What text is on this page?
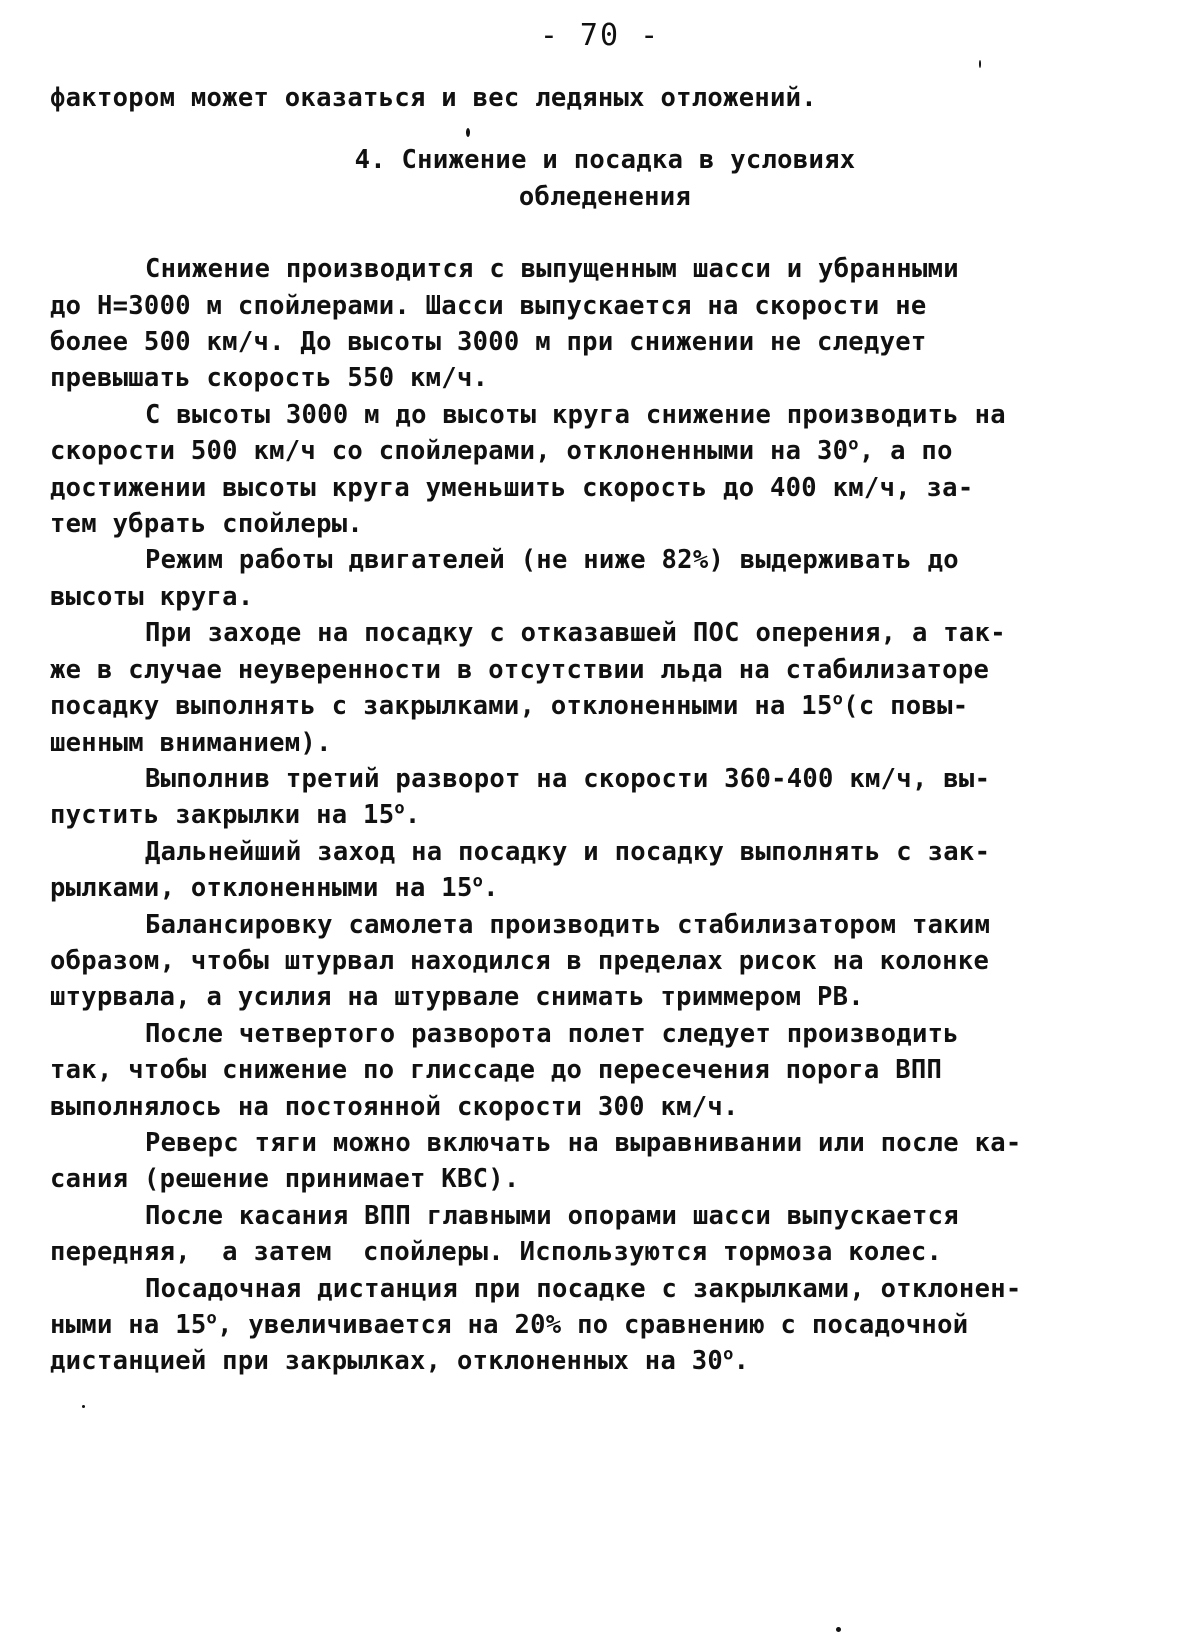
- 70 -
фактором может оказаться и вес ледяных отложений.
4. Снижение и посадка в условиях
обледенения
Снижение производится с выпущенным шасси и убранными
до Н=3000 м спойлерами. Шасси выпускается на скорости не
более 500 км/ч. До высоты 3000 м при снижении не следует
превышать скорость 550 км/ч.
С высоты 3000 м до высоты круга снижение производить на
скорости 500 км/ч со спойлерами, отклоненными на $30^о$, а по
достижении высоты круга уменьшить скорость до 400 км/ч, за-
тем убрать спойлеры.
Режим работы двигателей (не ниже 82%) выдерживать до
высоты круга.
При заходе на посадку с отказавшей ПОС оперения, а так-
же в случае неуверенности в отсутствии льда на стабилизаторе
посадку выполнять с закрылками, отклоненными на $15^о(с$ повы-
шенным вниманием).
Выполнив третий разворот на скорости 360-400 км/ч, вы-
пустить закрылки на $15^о$.
Дальнейший заход на посадку и посадку выполнять с зак-
рылками, отклоненными на $15^о$.
Балансировку самолета производить стабилизатором таким
образом, чтобы штурвал находился в пределах рисок на колонке
штурвала, а усилия на штурвале снимать триммером РВ.
После четвертого разворота полет следует производить
так, чтобы снижение по глиссаде до пересечения порога ВПП
выполнялось на постоянной скорости 300 км/ч.
Реверс тяги можно включать на выравнивании или после ка-
сания (решение принимает КВС).
После касания ВПП главными опорами шасси выпускается
передняя,  а затем  спойлеры. Используются тормоза колес.
Посадочная дистанция при посадке с закрылками, отклонен-
ными на $15^о$, увеличивается на 20% по сравнению с посадочной
дистанцией при закрылках, отклоненных на $30^о$.
